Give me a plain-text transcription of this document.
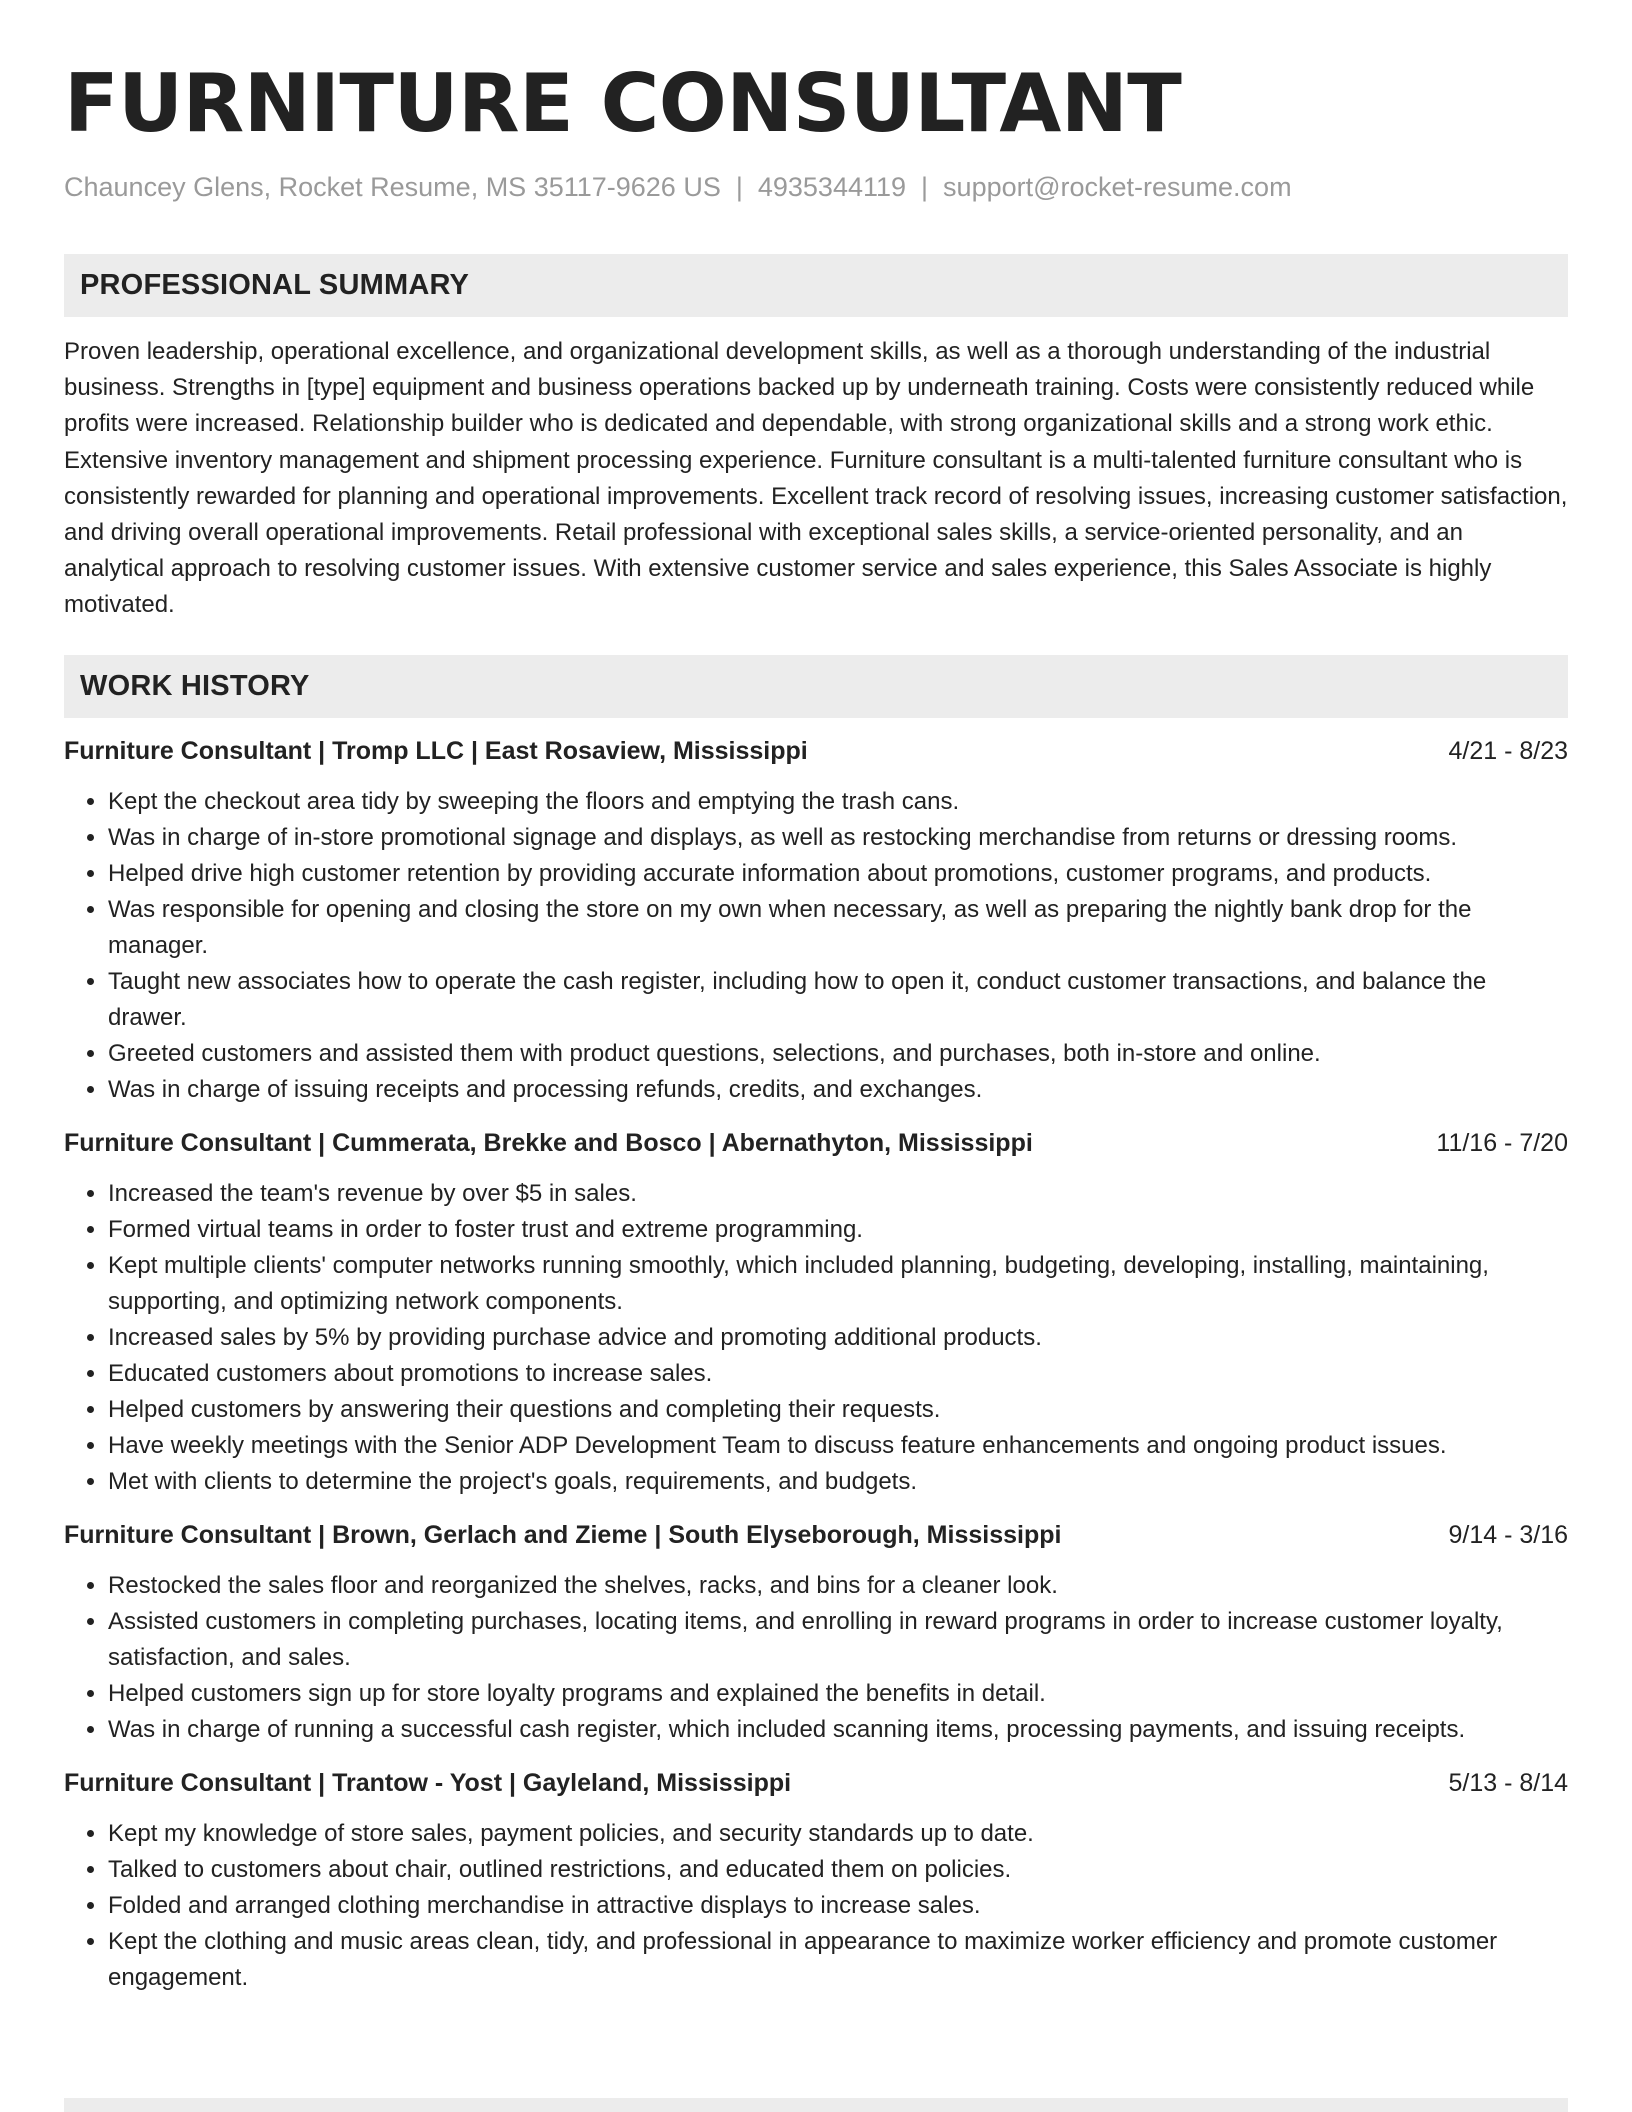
FURNITURE CONSULTANT
Chauncey Glens, Rocket Resume, MS 35117-9626 US | 4935344119 | support@rocket-resume.com
PROFESSIONAL SUMMARY

Proven leadership, operational excellence, and organizational development skills, as well as a thorough understanding of the industrial business. Strengths in [type] equipment and business operations backed up by underneath training. Costs were consistently reduced while profits were increased. Relationship builder who is dedicated and dependable, with strong organizational skills and a strong work ethic. Extensive inventory management and shipment processing experience. Furniture consultant is a multi-talented furniture consultant who is consistently rewarded for planning and operational improvements. Excellent track record of resolving issues, increasing customer satisfaction, and driving overall operational improvements. Retail professional with exceptional sales skills, a service-oriented personality, and an analytical approach to resolving customer issues. With extensive customer service and sales experience, this Sales Associate is highly motivated.

WORK HISTORY
Furniture Consultant | Tromp LLC | East Rosaview, Mississippi	4/21 - 8/23
• Kept the checkout area tidy by sweeping the floors and emptying the trash cans.
• Was in charge of in-store promotional signage and displays, as well as restocking merchandise from returns or dressing rooms.
• Helped drive high customer retention by providing accurate information about promotions, customer programs, and products.
• Was responsible for opening and closing the store on my own when necessary, as well as preparing the nightly bank drop for the manager.
• Taught new associates how to operate the cash register, including how to open it, conduct customer transactions, and balance the drawer.
• Greeted customers and assisted them with product questions, selections, and purchases, both in-store and online.
• Was in charge of issuing receipts and processing refunds, credits, and exchanges.
Furniture Consultant | Cummerata, Brekke and Bosco | Abernathyton, Mississippi	11/16 - 7/20
• Increased the team's revenue by over $5 in sales.
• Formed virtual teams in order to foster trust and extreme programming.
• Kept multiple clients' computer networks running smoothly, which included planning, budgeting, developing, installing, maintaining, supporting, and optimizing network components.
• Increased sales by 5% by providing purchase advice and promoting additional products.
• Educated customers about promotions to increase sales.
• Helped customers by answering their questions and completing their requests.
• Have weekly meetings with the Senior ADP Development Team to discuss feature enhancements and ongoing product issues.
• Met with clients to determine the project's goals, requirements, and budgets.
Furniture Consultant | Brown, Gerlach and Zieme | South Elyseborough, Mississippi	9/14 - 3/16
• Restocked the sales floor and reorganized the shelves, racks, and bins for a cleaner look.
• Assisted customers in completing purchases, locating items, and enrolling in reward programs in order to increase customer loyalty, satisfaction, and sales.
• Helped customers sign up for store loyalty programs and explained the benefits in detail.
• Was in charge of running a successful cash register, which included scanning items, processing payments, and issuing receipts.
Furniture Consultant | Trantow - Yost | Gayleland, Mississippi	5/13 - 8/14
• Kept my knowledge of store sales, payment policies, and security standards up to date.
• Talked to customers about chair, outlined restrictions, and educated them on policies.
• Folded and arranged clothing merchandise in attractive displays to increase sales.
• Kept the clothing and music areas clean, tidy, and professional in appearance to maximize worker efficiency and promote customer engagement.
